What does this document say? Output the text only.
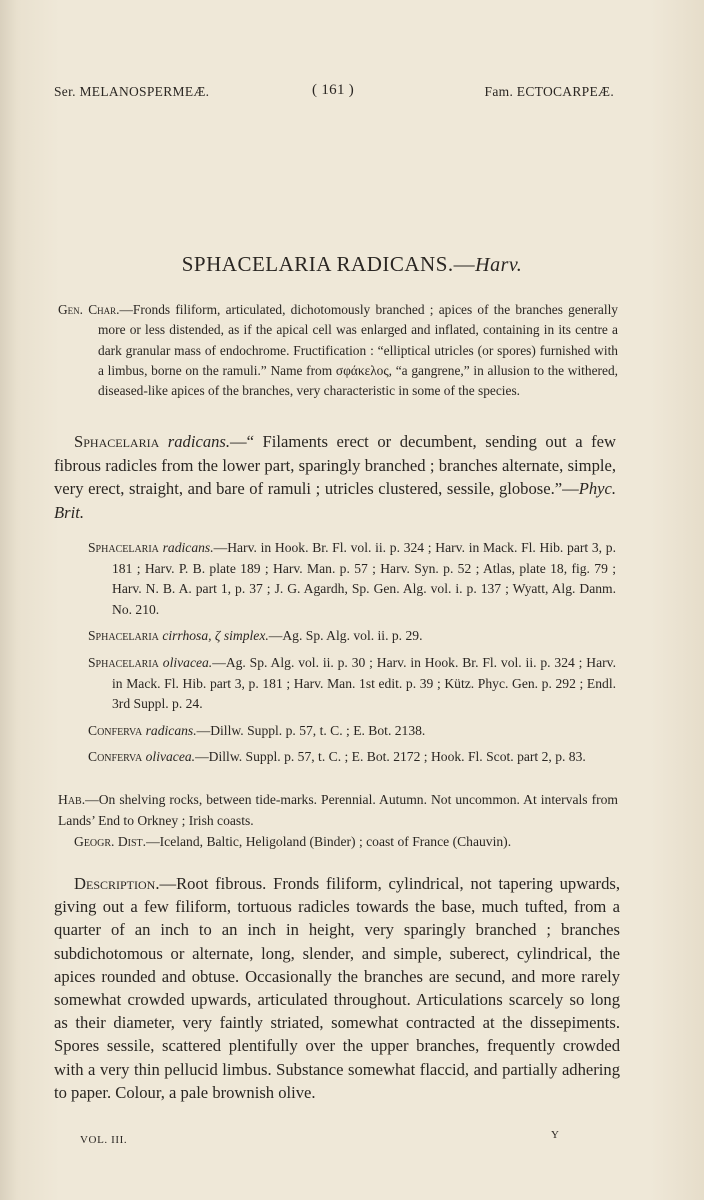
Ser. MELANOSPERMEÆ.	( 161 )	Fam. ECTOCARPEÆ.
SPHACELARIA RADICANS.—Harv.
Gen. Char.—Fronds filiform, articulated, dichotomously branched ; apices of the branches generally more or less distended, as if the apical cell was enlarged and inflated, containing in its centre a dark granular mass of endochrome. Fructification : “elliptical utricles (or spores) furnished with a limbus, borne on the ramuli.” Name from σφάκελος, “a gangrene,” in allusion to the withered, diseased-like apices of the branches, very characteristic in some of the species.
Sphacelaria radicans.—“ Filaments erect or decumbent, sending out a few fibrous radicles from the lower part, sparingly branched ; branches alternate, simple, very erect, straight, and bare of ramuli ; utricles clustered, sessile, globose.”—Phyc. Brit.
Sphacelaria radicans.—Harv. in Hook. Br. Fl. vol. ii. p. 324 ; Harv. in Mack. Fl. Hib. part 3, p. 181 ; Harv. P. B. plate 189 ; Harv. Man. p. 57 ; Harv. Syn. p. 52 ; Atlas, plate 18, fig. 79 ; Harv. N. B. A. part 1, p. 37 ; J. G. Agardh, Sp. Gen. Alg. vol. i. p. 137 ; Wyatt, Alg. Danm. No. 210.
Sphacelaria cirrhosa, ζ simplex.—Ag. Sp. Alg. vol. ii. p. 29.
Sphacelaria olivacea.—Ag. Sp. Alg. vol. ii. p. 30 ; Harv. in Hook. Br. Fl. vol. ii. p. 324 ; Harv. in Mack. Fl. Hib. part 3, p. 181 ; Harv. Man. 1st edit. p. 39 ; Kütz. Phyc. Gen. p. 292 ; Endl. 3rd Suppl. p. 24.
Conferva radicans.—Dillw. Suppl. p. 57, t. C. ; E. Bot. 2138.
Conferva olivacea.—Dillw. Suppl. p. 57, t. C. ; E. Bot. 2172 ; Hook. Fl. Scot. part 2, p. 83.
Hab.—On shelving rocks, between tide-marks. Perennial. Autumn. Not uncommon. At intervals from Lands’ End to Orkney ; Irish coasts.
Geogr. Dist.—Iceland, Baltic, Heligoland (Binder) ; coast of France (Chauvin).
Description.—Root fibrous. Fronds filiform, cylindrical, not tapering upwards, giving out a few filiform, tortuous radicles towards the base, much tufted, from a quarter of an inch to an inch in height, very sparingly branched ; branches subdichotomous or alternate, long, slender, and simple, suberect, cylindrical, the apices rounded and obtuse. Occasionally the branches are secund, and more rarely somewhat crowded upwards, articulated throughout. Articulations scarcely so long as their diameter, very faintly striated, somewhat contracted at the dissepiments. Spores sessile, scattered plentifully over the upper branches, frequently crowded with a very thin pellucid limbus. Substance somewhat flaccid, and partially adhering to paper. Colour, a pale brownish olive.
VOL. III.	Y
